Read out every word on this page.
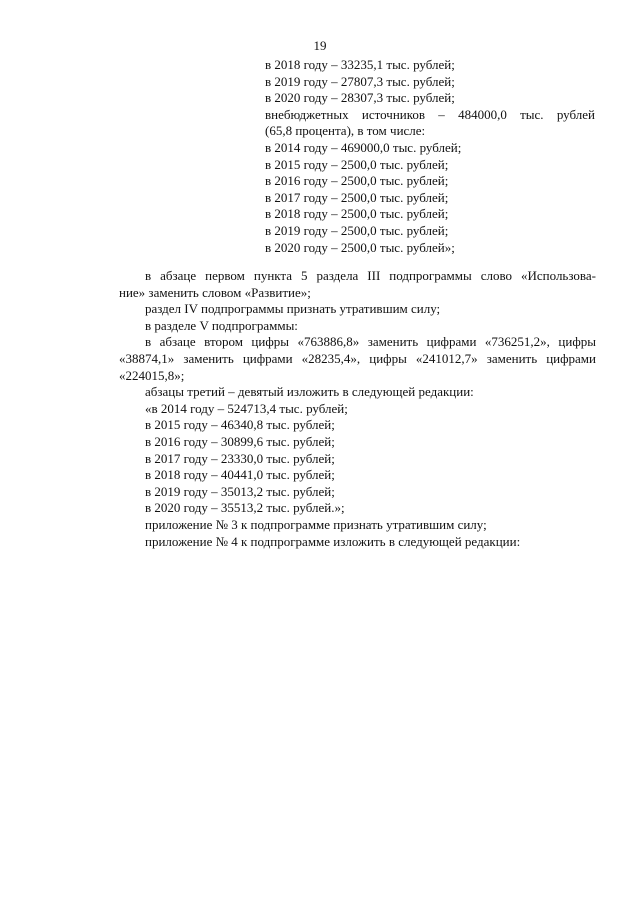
19
в 2018 году – 33235,1 тыс. рублей;
в 2019 году – 27807,3 тыс. рублей;
в 2020 году – 28307,3 тыс. рублей;
внебюджетных источников – 484000,0 тыс. рублей
(65,8 процента), в том числе:
в 2014 году – 469000,0 тыс. рублей;
в 2015 году – 2500,0 тыс. рублей;
в 2016 году – 2500,0 тыс. рублей;
в 2017 году – 2500,0 тыс. рублей;
в 2018 году – 2500,0 тыс. рублей;
в 2019 году – 2500,0 тыс. рублей;
в 2020 году – 2500,0 тыс. рублей»;
в абзаце первом пункта 5 раздела III подпрограммы слово «Использова-
ние» заменить словом «Развитие»;
раздел IV подпрограммы признать утратившим силу;
в разделе V подпрограммы:
в абзаце втором цифры «763886,8» заменить цифрами «736251,2», цифры
«38874,1» заменить цифрами «28235,4», цифры «241012,7» заменить цифрами
«224015,8»;
абзацы третий – девятый изложить в следующей редакции:
«в 2014 году – 524713,4 тыс. рублей;
в 2015 году – 46340,8 тыс. рублей;
в 2016 году – 30899,6 тыс. рублей;
в 2017 году – 23330,0 тыс. рублей;
в 2018 году – 40441,0 тыс. рублей;
в 2019 году – 35013,2 тыс. рублей;
в 2020 году – 35513,2 тыс. рублей.»;
приложение № 3 к подпрограмме признать утратившим силу;
приложение № 4 к подпрограмме изложить в следующей редакции:
